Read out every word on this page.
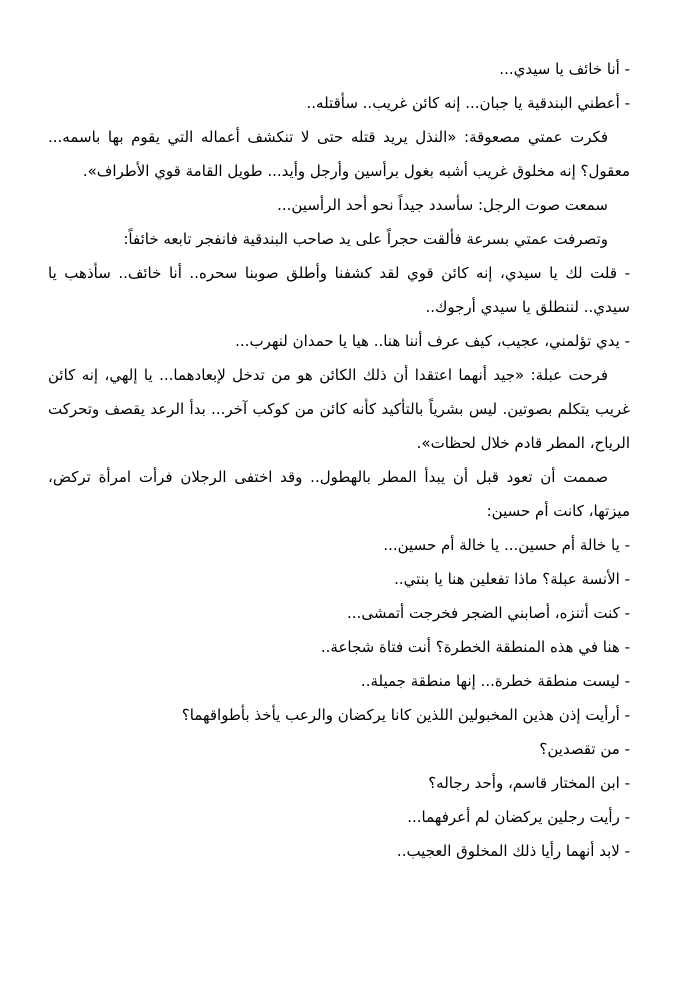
- أنا خائف يا سيدي...

- أعطني البندقية يا جبان... إنه كائن غريب.. سأقتله..

فكرت عمتي مصعوقة: «النذل يريد قتله حتى لا تنكشف أعماله التي يقوم بها باسمه... معقول؟ إنه مخلوق غريب أشبه بغول برأسين وأرجل وأيد... طويل القامة قوي الأطراف».

سمعت صوت الرجل: سأسدد جيداً نحو أحد الرأسين...

وتصرفت عمتي بسرعة فألقت حجراً على يد صاحب البندقية فانفجر تابعه خائفاً:

- قلت لك يا سيدي، إنه كائن قوي لقد كشفنا وأطلق صوبنا سحره.. أنا خائف.. سأذهب يا سيدي.. لننطلق يا سيدي أرجوك..

- يدي تؤلمني، عجيب، كيف عرف أننا هنا.. هيا يا حمدان لنهرب...

فرحت عبلة: «جيد أنهما اعتقدا أن ذلك الكائن هو من تدخل لإبعادهما... يا إلهي، إنه كائن غريب يتكلم بصوتين. ليس بشرياً بالتأكيد كأنه كائن من كوكب آخر... بدأ الرعد يقصف وتحركت الرياح، المطر قادم خلال لحظات».

صممت أن تعود قبل أن يبدأ المطر بالهطول.. وقد اختفى الرجلان فرأت امرأة تركض، ميزتها، كانت أم حسين:

- يا خالة أم حسين... يا خالة أم حسين...

- الأنسة عبلة؟ ماذا تفعلين هنا يا بنتي..

- كنت أتنزه، أصابني الضجر فخرجت أتمشى...

- هنا في هذه المنطقة الخطرة؟ أنت فتاة شجاعة..

- ليست منطقة خطرة... إنها منطقة جميلة..

- أرأيت إذن هذين المخبولين اللذين كانا يركضان والرعب يأخذ بأطواقهما؟

- من تقصدين؟

- ابن المختار قاسم، وأحد رجاله؟

- رأيت رجلين يركضان لم أعرفهما...

- لابد أنهما رأيا ذلك المخلوق العجيب..
